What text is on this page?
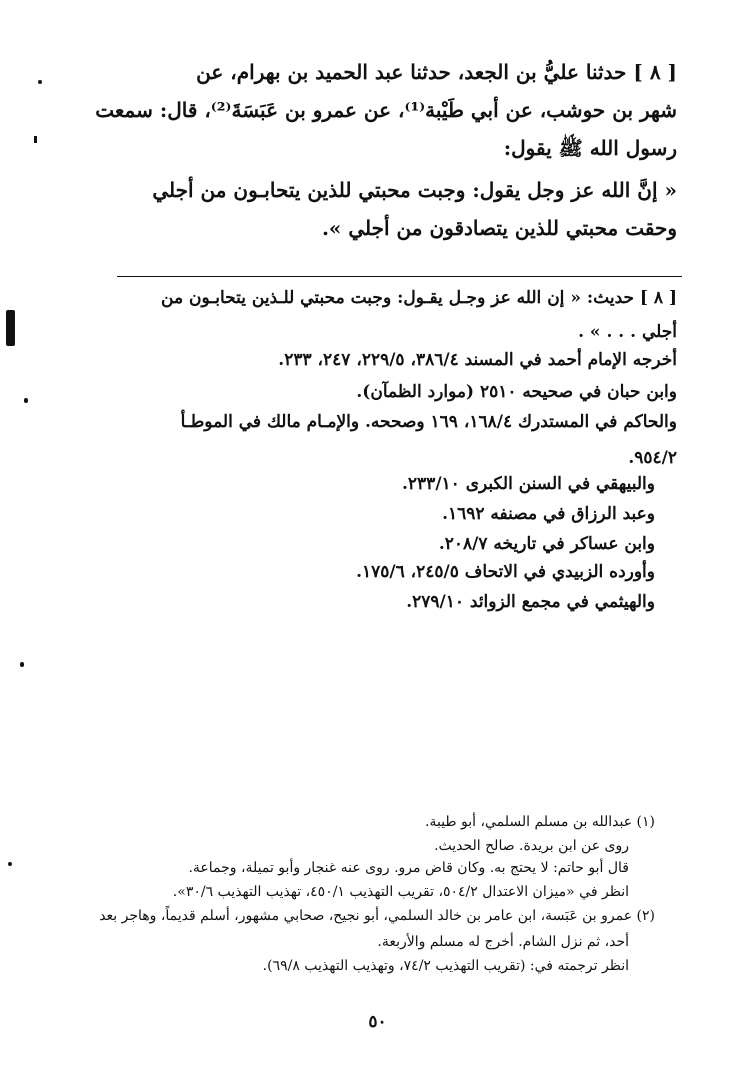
[ ٨ ] حدثنا عليُّ بن الجعد، حدثنا عبد الحميد بن بهرام، عن
شهر بن حوشب، عن أبي طَيْبة⁽¹⁾، عن عمرو بن عَبَسَةَ⁽²⁾، قال: سمعت
رسول الله ﷺ يقول:
« إنَّ الله عز وجل يقول: وجبت محبتي للذين يتحابـون من أجلي
وحقت محبتي للذين يتصادقون من أجلي ».
[ ٨ ] حديث: « إن الله عز وجـل يقـول: وجبت محبتي للـذين يتحابـون من
أجلي . . . » .
أخرجه الإمام أحمد في المسند ٣٨٦/٤، ٢٢٩/٥، ٢٤٧، ٢٣٣.
وابن حبان في صحيحه ٢٥١٠ (موارد الظمآن).
والحاكم في المستدرك ١٦٨/٤، ١٦٩ وصححه. والإمـام مالك في الموطـأ
٩٥٤/٢.
والبيهقي في السنن الكبرى ٢٣٣/١٠.
وعبد الرزاق في مصنفه ١٦٩٢.
وابن عساكر في تاريخه ٢٠٨/٧.
وأورده الزبيدي في الاتحاف ٢٤٥/٥، ١٧٥/٦.
والهيثمي في مجمع الزوائد ٢٧٩/١٠.
(١) عبدالله بن مسلم السلمي، أبو طيبة.
روى عن ابن بريدة. صالح الحديث.
قال أبو حاتم: لا يحتج به. وكان قاض مرو. روى عنه غنجار وأبو تميلة، وجماعة.
انظر في «ميزان الاعتدال ٥٠٤/٢، تقريب التهذيب ٤٥٠/١، تهذيب التهذيب ٣٠/٦».
(٢) عمرو بن عَبَسة، ابن عامر بن خالد السلمي، أبو نجيح، صحابي مشهور، أسلم قديماً، وهاجر بعد
أحد، ثم نزل الشام. أخرج له مسلم والأربعة.
انظر ترجمته في: (تقريب التهذيب ٧٤/٢، وتهذيب التهذيب ٦٩/٨).
٥٠
